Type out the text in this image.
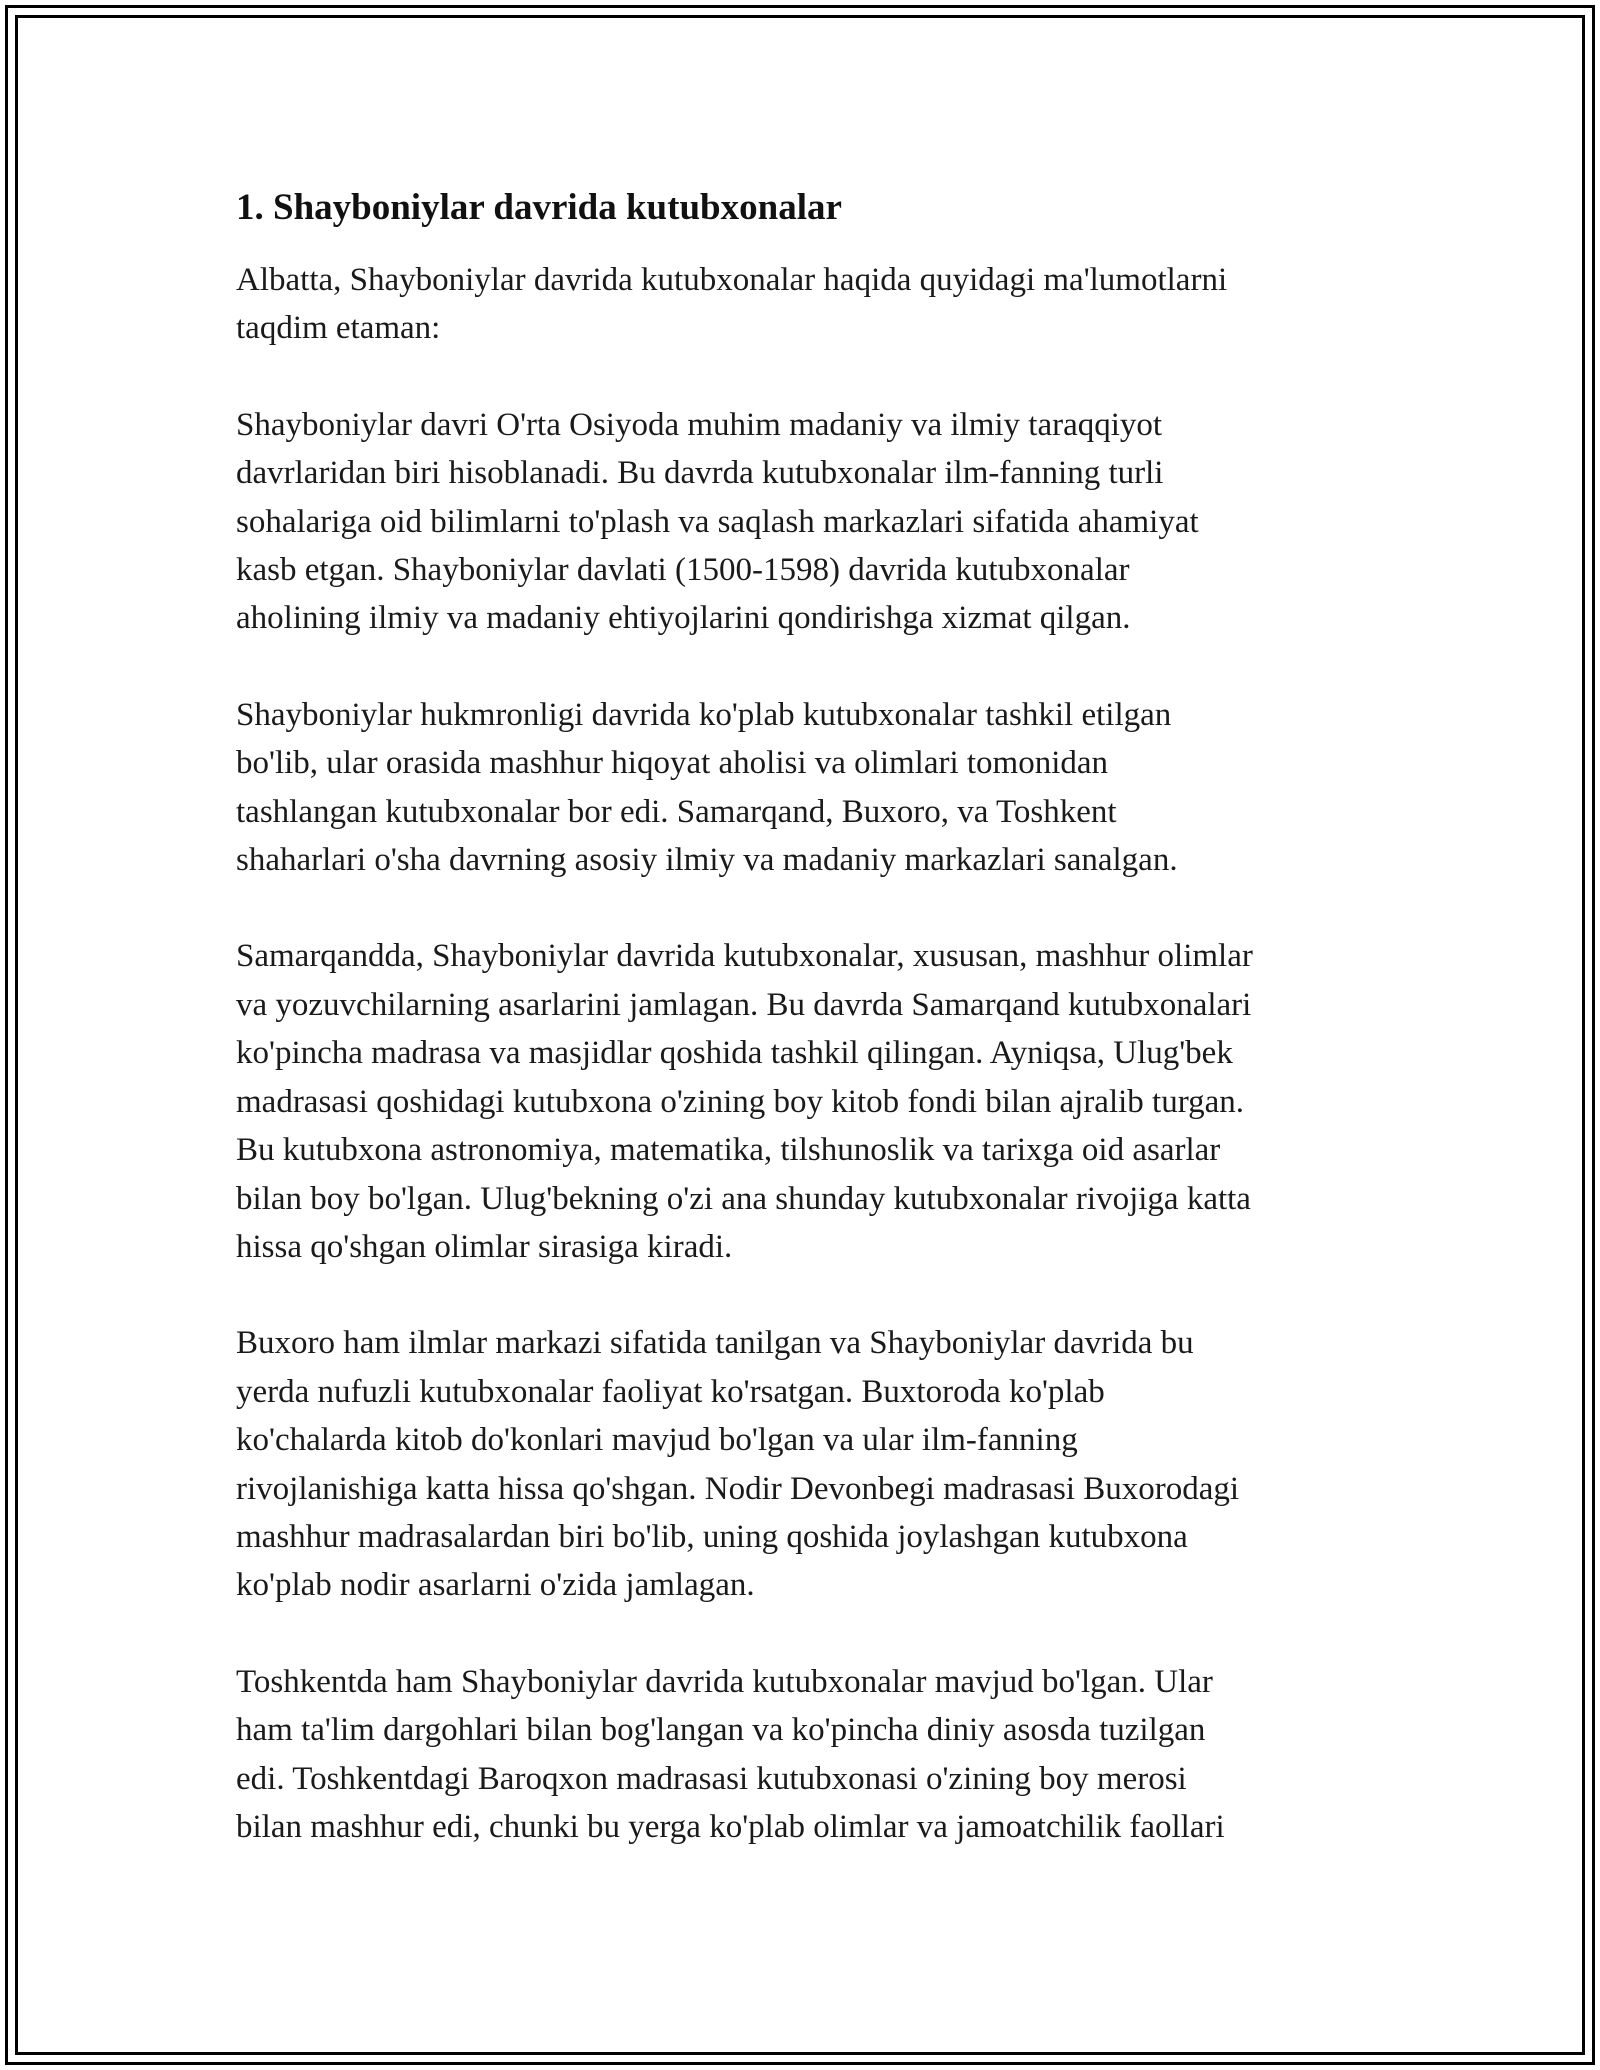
1. Shayboniylar davrida kutubxonalar

Albatta, Shayboniylar davrida kutubxonalar haqida quyidagi ma'lumotlarni
taqdim etaman:

Shayboniylar davri O'rta Osiyoda muhim madaniy va ilmiy taraqqiyot
davrlaridan biri hisoblanadi. Bu davrda kutubxonalar ilm-fanning turli
sohalariga oid bilimlarni to'plash va saqlash markazlari sifatida ahamiyat
kasb etgan. Shayboniylar davlati (1500-1598) davrida kutubxonalar
aholining ilmiy va madaniy ehtiyojlarini qondirishga xizmat qilgan.

Shayboniylar hukmronligi davrida ko'plab kutubxonalar tashkil etilgan
bo'lib, ular orasida mashhur hiqoyat aholisi va olimlari tomonidan
tashlangan kutubxonalar bor edi. Samarqand, Buxoro, va Toshkent
shaharlari o'sha davrning asosiy ilmiy va madaniy markazlari sanalgan.

Samarqandda, Shayboniylar davrida kutubxonalar, xususan, mashhur olimlar
va yozuvchilarning asarlarini jamlagan. Bu davrda Samarqand kutubxonalari
ko'pincha madrasa va masjidlar qoshida tashkil qilingan. Ayniqsa, Ulug'bek
madrasasi qoshidagi kutubxona o'zining boy kitob fondi bilan ajralib turgan.
Bu kutubxona astronomiya, matematika, tilshunoslik va tarixga oid asarlar
bilan boy bo'lgan. Ulug'bekning o'zi ana shunday kutubxonalar rivojiga katta
hissa qo'shgan olimlar sirasiga kiradi.

Buxoro ham ilmlar markazi sifatida tanilgan va Shayboniylar davrida bu
yerda nufuzli kutubxonalar faoliyat ko'rsatgan. Buxtoroda ko'plab
ko'chalarda kitob do'konlari mavjud bo'lgan va ular ilm-fanning
rivojlanishiga katta hissa qo'shgan. Nodir Devonbegi madrasasi Buxorodagi
mashhur madrasalardan biri bo'lib, uning qoshida joylashgan kutubxona
ko'plab nodir asarlarni o'zida jamlagan.

Toshkentda ham Shayboniylar davrida kutubxonalar mavjud bo'lgan. Ular
ham ta'lim dargohlari bilan bog'langan va ko'pincha diniy asosda tuzilgan
edi. Toshkentdagi Baroqxon madrasasi kutubxonasi o'zining boy merosi
bilan mashhur edi, chunki bu yerga ko'plab olimlar va jamoatchilik faollari
